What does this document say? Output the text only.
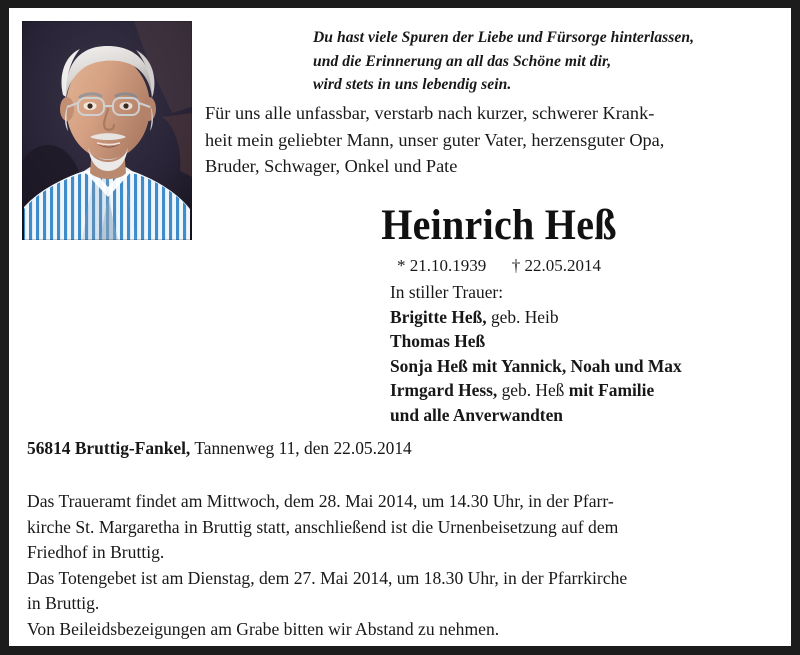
Du hast viele Spuren der Liebe und Fürsorge hinterlassen,
und die Erinnerung an all das Schöne mit dir,
wird stets in uns lebendig sein.
Für uns alle unfassbar, verstarb nach kurzer, schwerer Krank-
heit mein geliebter Mann, unser guter Vater, herzensguter Opa,
Bruder, Schwager, Onkel und Pate
Heinrich Heß
* 21.10.1939 † 22.05.2014
In stiller Trauer:
Brigitte Heß, geb. Heib
Thomas Heß
Sonja Heß mit Yannick, Noah und Max
Irmgard Hess, geb. Heß mit Familie
und alle Anverwandten
56814 Bruttig-Fankel, Tannenweg 11, den 22.05.2014
Das Traueramt findet am Mittwoch, dem 28. Mai 2014, um 14.30 Uhr, in der Pfarr-
kirche St. Margaretha in Bruttig statt, anschließend ist die Urnenbeisetzung auf dem
Friedhof in Bruttig.
Das Totengebet ist am Dienstag, dem 27. Mai 2014, um 18.30 Uhr, in der Pfarrkirche
in Bruttig.
Von Beileidsbezeigungen am Grabe bitten wir Abstand zu nehmen.
